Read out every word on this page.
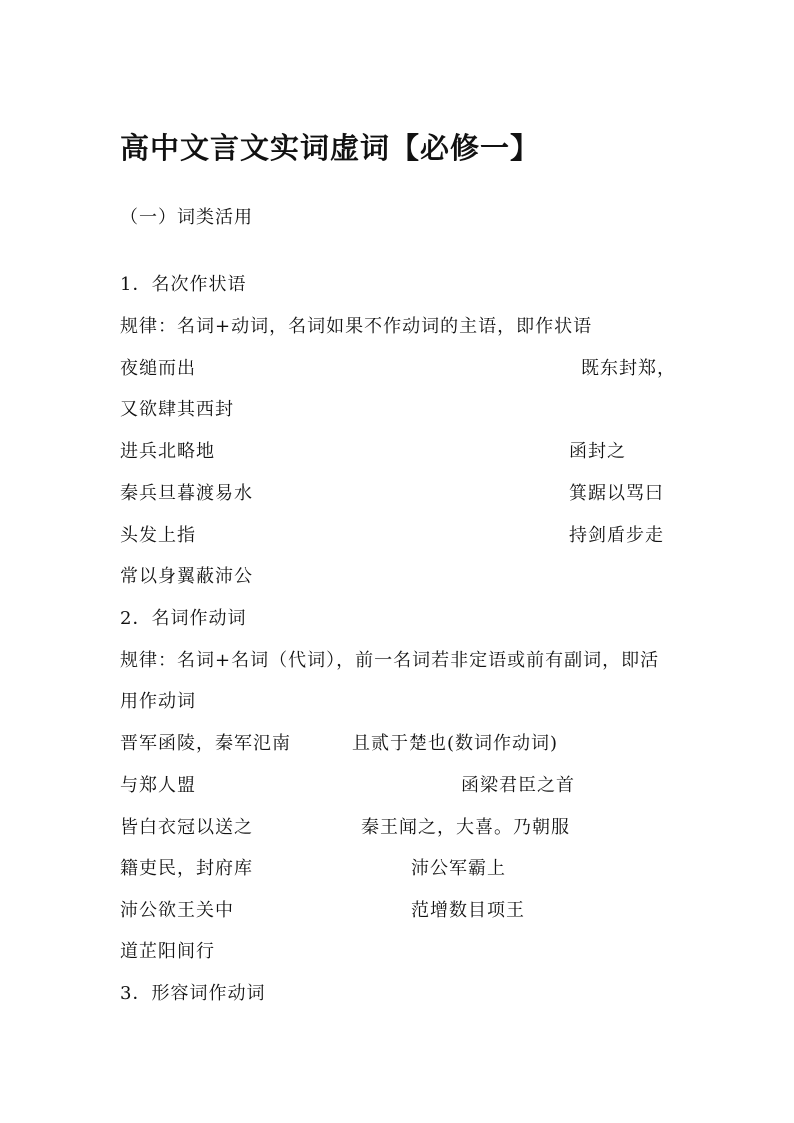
高中文言文实词虚词【必修一】
（一）词类活用
1．名次作状语
规律：名词+动词，名词如果不作动词的主语，即作状语
夜缒而出	既东封郑，
又欲肆其西封
进兵北略地	函封之
秦兵旦暮渡易水	箕踞以骂曰
头发上指	持剑盾步走
常以身翼蔽沛公
2．名词作动词
规律：名词+名词（代词），前一名词若非定语或前有副词，即活
用作动词
晋军函陵，秦军氾南	且贰于楚也(数词作动词)
与郑人盟	函梁君臣之首
皆白衣冠以送之	秦王闻之，大喜。乃朝服
籍吏民，封府库	沛公军霸上
沛公欲王关中	范增数目项王
道芷阳间行
3．形容词作动词
